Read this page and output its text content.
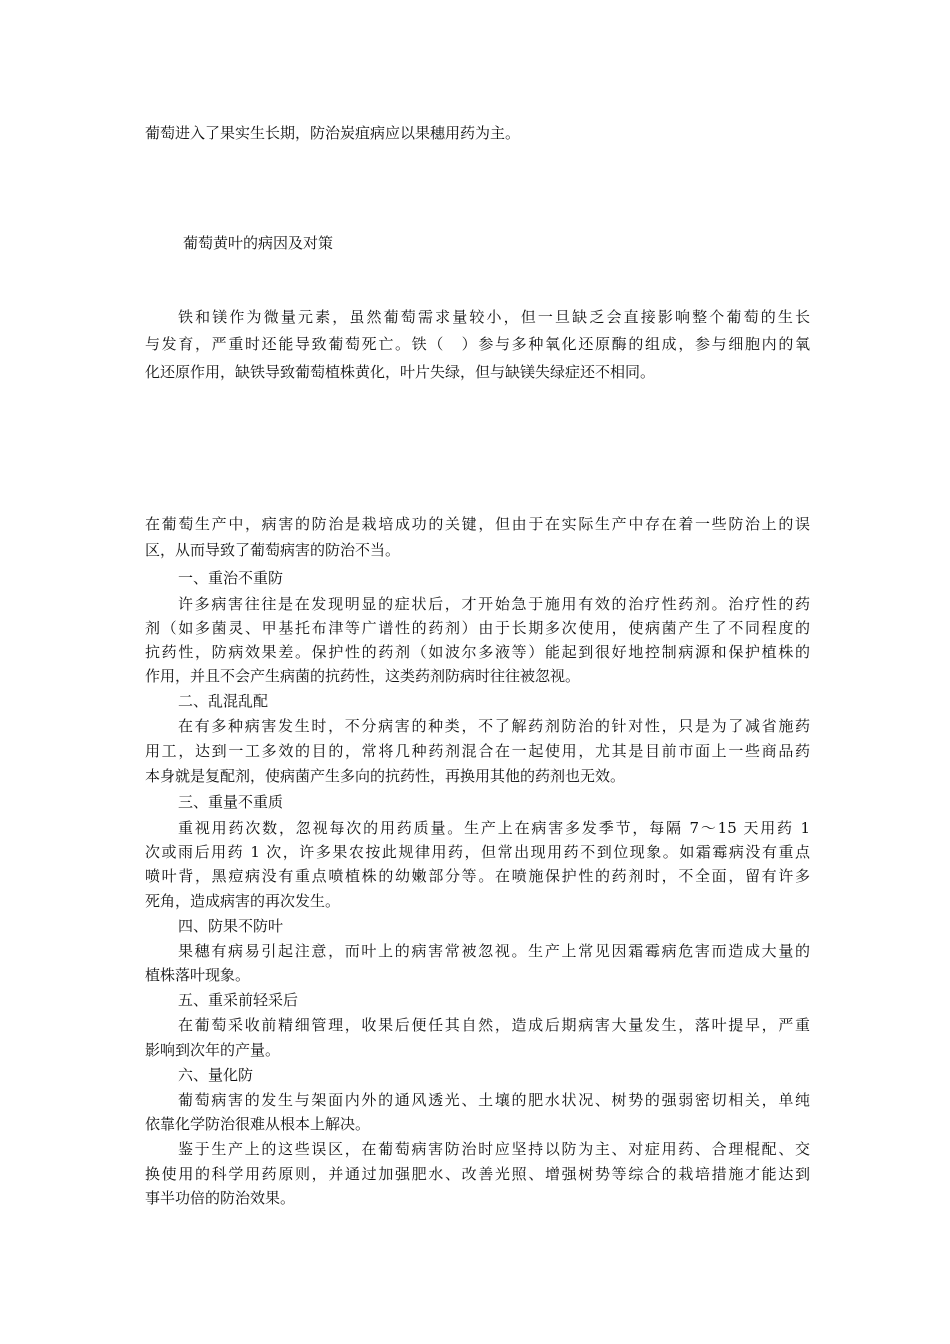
葡萄进入了果实生长期，防治炭疽病应以果穗用药为主。
葡萄黄叶的病因及对策
铁和镁作为微量元素，虽然葡萄需求量较小，但一旦缺乏会直接影响整个葡萄的生长
与发育，严重时还能导致葡萄死亡。铁（　）参与多种氧化还原酶的组成，参与细胞内的氧
化还原作用，缺铁导致葡萄植株黄化，叶片失绿，但与缺镁失绿症还不相同。
在葡萄生产中，病害的防治是栽培成功的关键，但由于在实际生产中存在着一些防治上的误
区，从而导致了葡萄病害的防治不当。
一、重治不重防
许多病害往往是在发现明显的症状后，才开始急于施用有效的治疗性药剂。治疗性的药
剂（如多菌灵、甲基托布津等广谱性的药剂）由于长期多次使用，使病菌产生了不同程度的
抗药性，防病效果差。保护性的药剂（如波尔多液等）能起到很好地控制病源和保护植株的
作用，并且不会产生病菌的抗药性，这类药剂防病时往往被忽视。
二、乱混乱配
在有多种病害发生时，不分病害的种类，不了解药剂防治的针对性，只是为了减省施药
用工，达到一工多效的目的，常将几种药剂混合在一起使用，尤其是目前市面上一些商品药
本身就是复配剂，使病菌产生多向的抗药性，再换用其他的药剂也无效。
三、重量不重质
重视用药次数，忽视每次的用药质量。生产上在病害多发季节，每隔 7～15 天用药 1
次或雨后用药 1 次，许多果农按此规律用药，但常出现用药不到位现象。如霜霉病没有重点
喷叶背，黑痘病没有重点喷植株的幼嫩部分等。在喷施保护性的药剂时，不全面，留有许多
死角，造成病害的再次发生。
四、防果不防叶
果穗有病易引起注意，而叶上的病害常被忽视。生产上常见因霜霉病危害而造成大量的
植株落叶现象。
五、重采前轻采后
在葡萄采收前精细管理，收果后便任其自然，造成后期病害大量发生，落叶提早，严重
影响到次年的产量。
六、量化防
葡萄病害的发生与架面内外的通风透光、土壤的肥水状况、树势的强弱密切相关，单纯
依靠化学防治很难从根本上解决。
鉴于生产上的这些误区，在葡萄病害防治时应坚持以防为主、对症用药、合理棍配、交
换使用的科学用药原则，并通过加强肥水、改善光照、增强树势等综合的栽培措施才能达到
事半功倍的防治效果。
